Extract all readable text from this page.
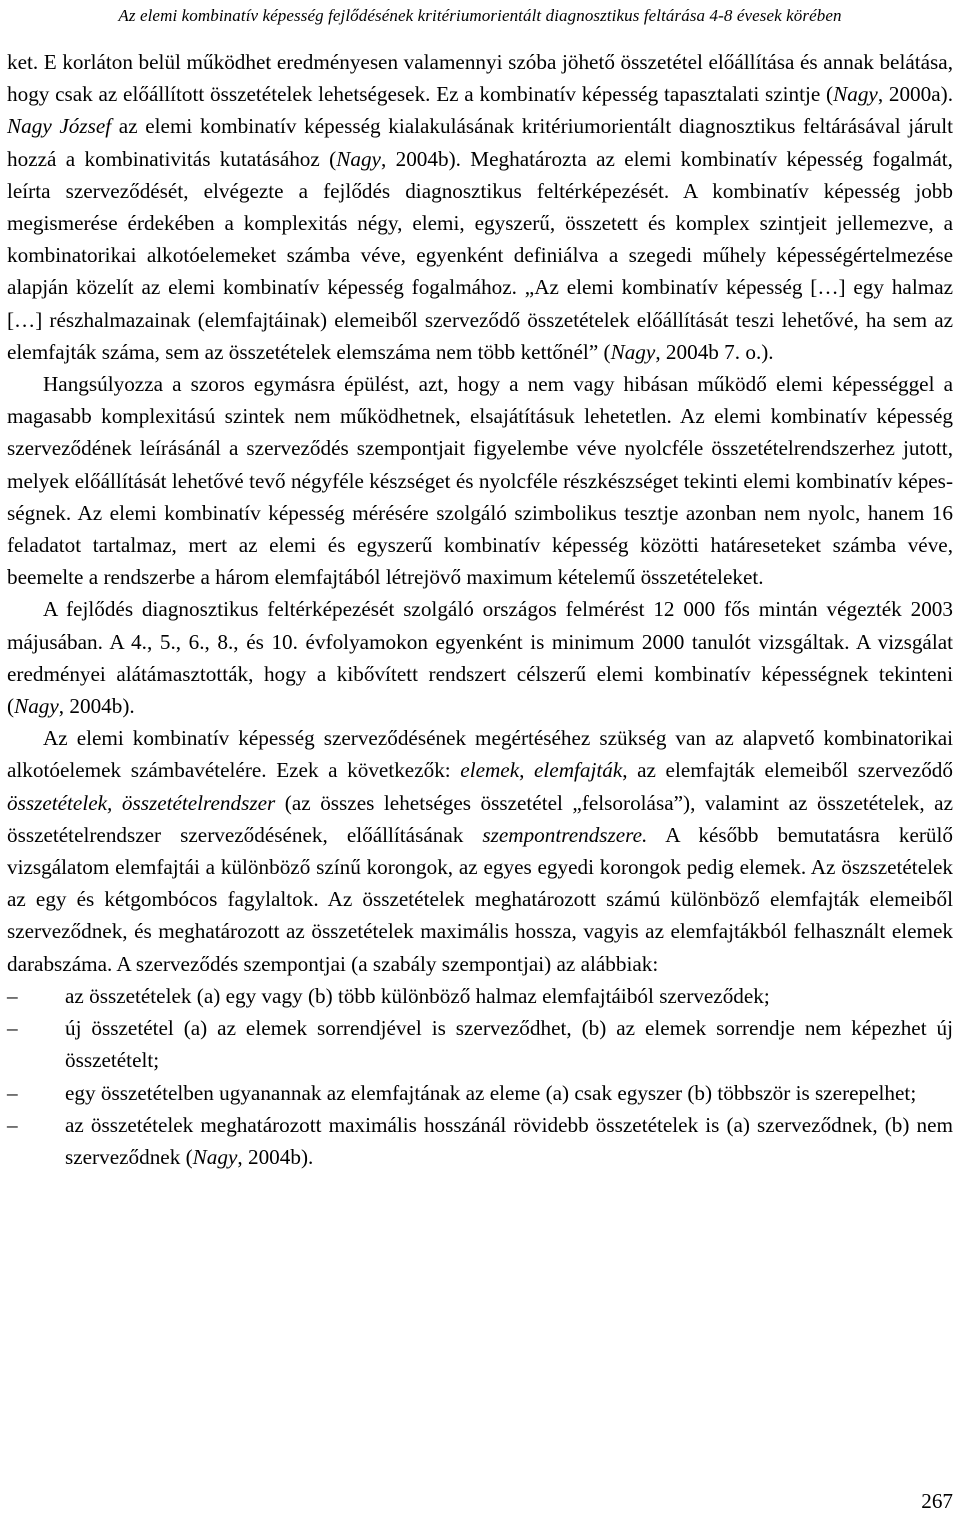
Az elemi kombinatív képesség fejlődésének kritériumorientált diagnosztikus feltárása 4-8 évesek körében

ket. E korláton belül működhet eredményesen valamennyi szóba jöhető összetétel előállítása és annak belátása, hogy csak az előállított összetételek lehetségesek. Ez a kombinatív képesség tapasztalati szintje (Nagy, 2000a). Nagy József az elemi kombinatív képesség kialakulásának kritériumorientált diagnosztikus feltárásával járult hozzá a kombinativitás kutatásához (Nagy, 2004b). Meghatározta az elemi kombinatív képesség fogalmát, leírta szerveződését, elvégezte a fejlődés diagnosztikus feltérképezését. A kombinatív képesség jobb megismerése érdekében a komplexitás négy, elemi, egyszerű, összetett és komplex szintjeit jellemezve, a kombinatorikai alkotóelemeket számba véve, egyenként definiálva a szegedi műhely képességértelmezése alapján közelít az elemi kombinatív képesség fogalmához. „Az elemi kombinatív képesség […] egy halmaz […] részhalmazainak (elemfajtáinak) elemeiből szerveződő összetételek előállítását teszi lehetővé, ha sem az elemfajták száma, sem az összetételek elemszáma nem több kettőnél” (Nagy, 2004b 7. o.).

Hangsúlyozza a szoros egymásra épülést, azt, hogy a nem vagy hibásan működő elemi képességgel a magasabb komplexitású szintek nem működhetnek, elsajátításuk lehetetlen. Az elemi kombinatív képesség szerveződének leírásánál a szerveződés szempontjait figyelembe véve nyolcféle összetételrendszerhez jutott, melyek előállítását lehetővé tevő négyféle készséget és nyolcféle részkészséget tekinti elemi kombinatív képességnek. Az elemi kombinatív képesség mérésére szolgáló szimbolikus tesztje azonban nem nyolc, hanem 16 feladatot tartalmaz, mert az elemi és egyszerű kombinatív képesség közötti határeseteket számba véve, beemelte a rendszerbe a három elemfajtából létrejövő maximum kételemű összetételeket.

A fejlődés diagnosztikus feltérképezését szolgáló országos felmérést 12 000 fős mintán végezték 2003 májusában. A 4., 5., 6., 8., és 10. évfolyamokon egyenként is minimum 2000 tanulót vizsgáltak. A vizsgálat eredményei alátámasztották, hogy a kibővített rendszert célszerű elemi kombinatív képességnek tekinteni (Nagy, 2004b).

Az elemi kombinatív képesség szerveződésének megértéséhez szükség van az alapvető kombinatorikai alkotóelemek számbavételére. Ezek a következők: elemek, elemfajták, az elemfajták elemeiből szerveződő összetételek, összetételrendszer (az összes lehetséges összetétel „felsorolása”), valamint az összetételek, az összetételrendszer szerveződésének, előállításának szempontrendszere. A később bemutatásra kerülő vizsgálatom elemfajtái a különböző színű korongok, az egyes egyedi korongok pedig elemek. Az öszszetételek az egy és kétgombócos fagylaltok. Az összetételek meghatározott számú különböző elemfajták elemeiből szerveződnek, és meghatározott az összetételek maximális hossza, vagyis az elemfajtákból felhasznált elemek darabszáma. A szerveződés szempontjai (a szabály szempontjai) az alábbiak:

– az összetételek (a) egy vagy (b) több különböző halmaz elemfajtáiból szerveződek;
– új összetétel (a) az elemek sorrendjével is szerveződhet, (b) az elemek sorrendje nem képezhet új összetételt;
– egy összetételben ugyanannak az elemfajtának az eleme (a) csak egyszer (b) többször is szerepelhet;
– az összetételek meghatározott maximális hosszánál rövidebb összetételek is (a) szerveződnek, (b) nem szerveződnek (Nagy, 2004b).
267
